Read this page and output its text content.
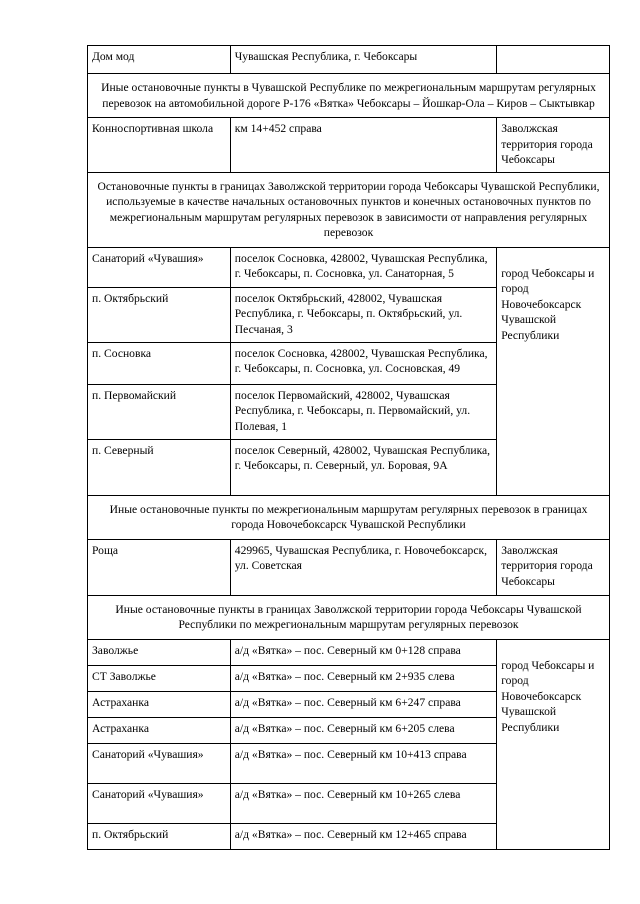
Дом мод	Чувашская Республика, г. Чебоксары	
Иные остановочные пункты в Чувашской Республике по межрегиональным маршрутам регулярных перевозок на автомобильной дороге Р-176 «Вятка» Чебоксары – Йошкар-Ола – Киров – Сыктывкар		
Конноспортивная школа	км 14+452 справа	Заволжская территория города Чебоксары
Остановочные пункты в границах Заволжской территории города Чебоксары Чувашской Республики, используемые в качестве начальных остановочных пунктов и конечных остановочных пунктов по межрегиональным маршрутам регулярных перевозок в зависимости от направления регулярных перевозок		
Санаторий «Чувашия»	поселок Сосновка, 428002, Чувашская Республика, г. Чебоксары, п. Сосновка, ул. Санаторная, 5	город Чебоксары и город Новочебоксарск Чувашской Республики
п. Октябрьский	поселок Октябрьский, 428002, Чувашская Республика, г. Чебоксары, п. Октябрьский, ул. Песчаная, 3	
п. Сосновка	поселок Сосновка, 428002, Чувашская Республика, г. Чебоксары, п. Сосновка, ул. Сосновская, 49	
п. Первомайский	поселок Первомайский, 428002, Чувашская Республика, г. Чебоксары, п. Первомайский, ул. Полевая, 1	
п. Северный	поселок Северный, 428002, Чувашская Республика, г. Чебоксары, п. Северный, ул. Боровая, 9А	
Иные остановочные пункты по межрегиональным маршрутам регулярных перевозок в границах города Новочебоксарск Чувашской Республики		
Роща	429965, Чувашская Республика, г. Новочебоксарск, ул. Советская	Заволжская территория города Чебоксары
Иные остановочные пункты в границах Заволжской территории города Чебоксары Чувашской Республики по межрегиональным маршрутам регулярных перевозок		
Заволжье	а/д «Вятка» – пос. Северный км 0+128 справа	город Чебоксары и город Новочебоксарск Чувашской Республики
СТ Заволжье	а/д «Вятка» – пос. Северный км 2+935 слева	
Астраханка	а/д «Вятка» – пос. Северный км 6+247 справа	
Астраханка	а/д «Вятка» – пос. Северный км 6+205 слева	
Санаторий «Чувашия»	а/д «Вятка» – пос. Северный км 10+413 справа	
Санаторий «Чувашия»	а/д «Вятка» – пос. Северный км 10+265 слева	
п. Октябрьский	а/д «Вятка» – пос. Северный км 12+465 справа	
